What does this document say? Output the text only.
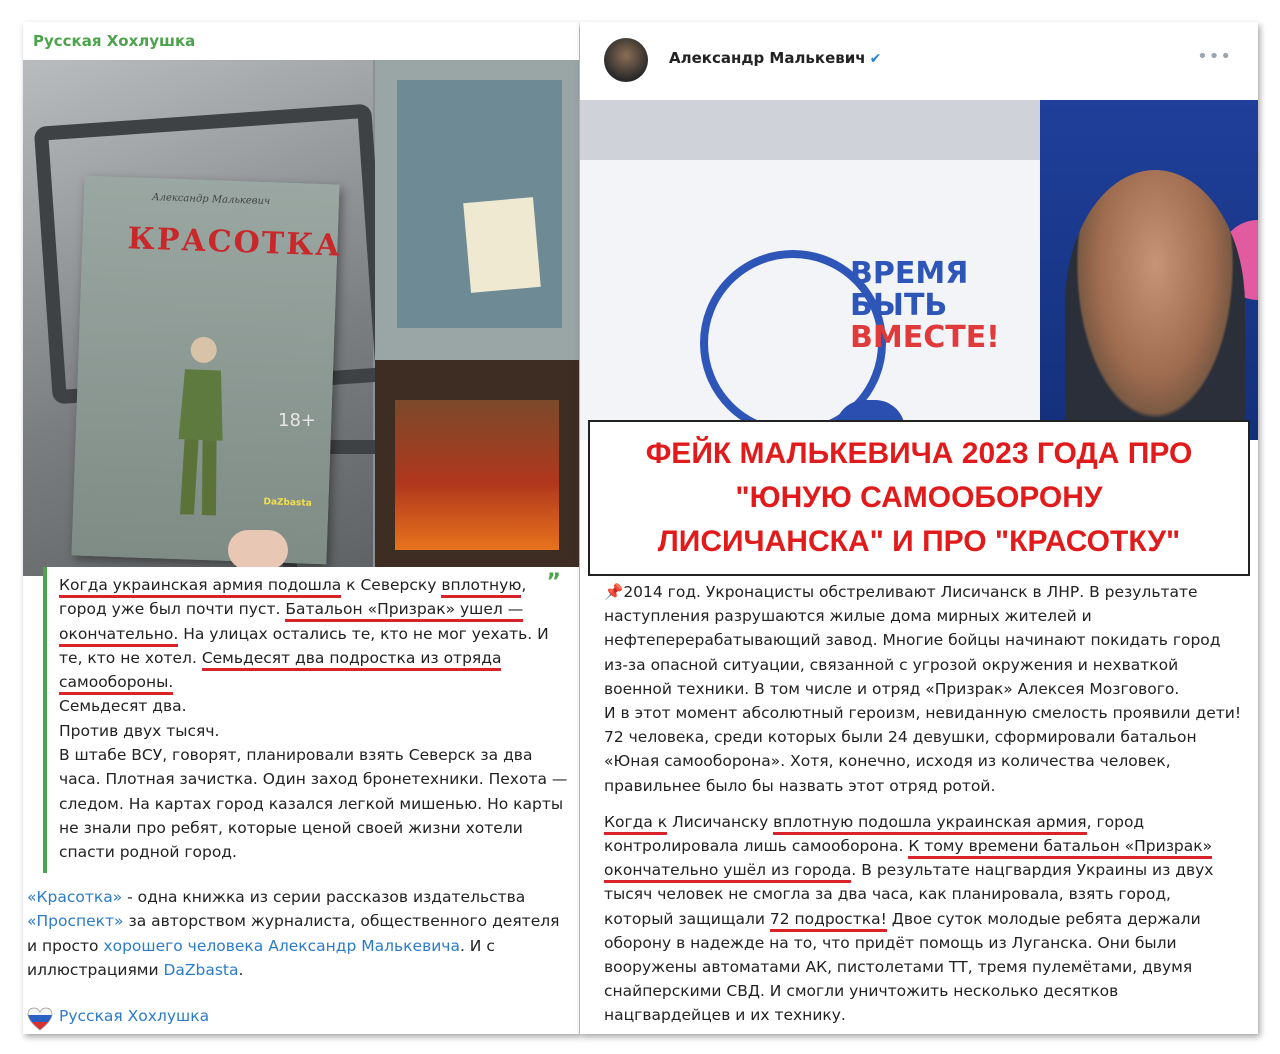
Русская Хохлушка
Александр Малькевич
КРАСОТКА
DaZbasta
18+
”

Когда украинская армия подошла к Северску вплотную,
город уже был почти пуст. Батальон «Призрак» ушел —
окончательно. На улицах остались те, кто не мог уехать. И
те, кто не хотел. Семьдесят два подростка из отряда
самообороны.
Семьдесят два.
Против двух тысяч.
В штабе ВСУ, говорят, планировали взять Северск за два часа. Плотная зачистка. Один заход бронетехники. Пехота — следом. На картах город казался легкой мишенью. Но карты не знали про ребят, которые ценой своей жизни хотели спасти родной город.

«Красотка» - одна книжка из серии рассказов издательства «Проспект» за авторством журналиста, общественного деятеля и просто хорошего человека Александр Малькевича. И с иллюстрациями DaZbasta.
Русская Хохлушка
Александр Малькевич ✔	•••
ВРЕМЯ
БЫТЬ
ВМЕСТЕ!
ФЕЙК МАЛЬКЕВИЧА 2023 ГОДА ПРО
"ЮНУЮ САМООБОРОНУ
ЛИСИЧАНСКА" И ПРО "КРАСОТКУ"

📌2014 год. Укронацисты обстреливают Лисичанск в ЛНР. В результате наступления разрушаются жилые дома мирных жителей и нефтеперерабатывающий завод. Многие бойцы начинают покидать город из-за опасной ситуации, связанной с угрозой окружения и нехваткой военной техники. В том числе и отряд «Призрак» Алексея Мозгового.
И в этот момент абсолютный героизм, невиданную смелость проявили дети! 72 человека, среди которых были 24 девушки, сформировали батальон «Юная самооборона». Хотя, конечно, исходя из количества человек, правильнее было бы назвать этот отряд ротой.

Когда к Лисичанску вплотную подошла украинская армия, город контролировала лишь самооборона. К тому времени батальон «Призрак» окончательно ушёл из города. В результате нацгвардия Украины из двух тысяч человек не смогла за два часа, как планировала, взять город, который защищали 72 подростка! Двое суток молодые ребята держали оборону в надежде на то, что придёт помощь из Луганска. Они были вооружены автоматами АК, пистолетами ТТ, тремя пулемётами, двумя снайперскими СВД. И смогли уничтожить несколько десятков нацгвардейцев и их технику.
